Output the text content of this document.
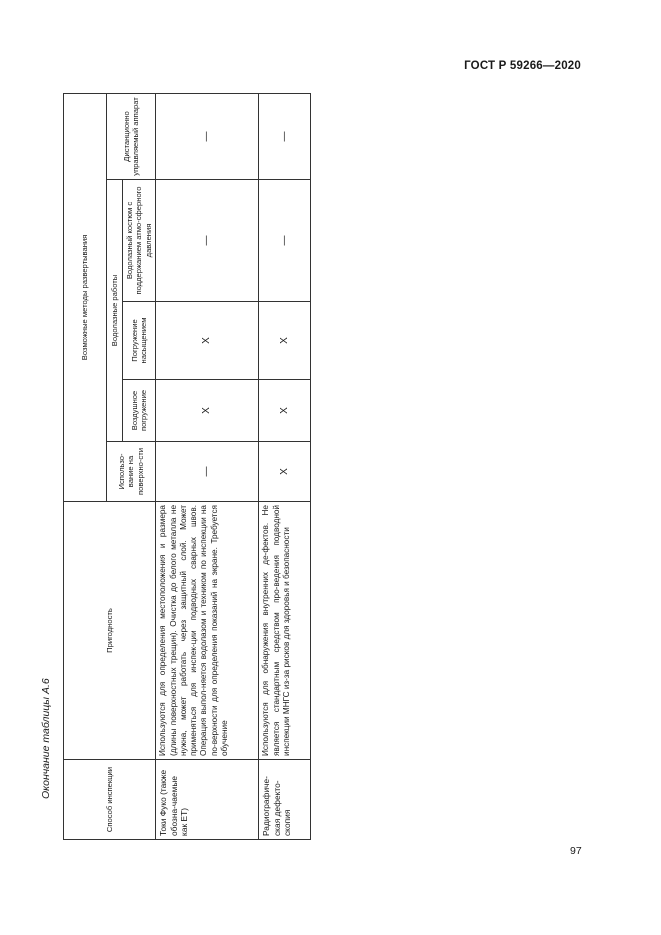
ГОСТ Р 59266—2020
Окончание таблицы А.6
Способ инспекции	Пригодность	Возможные методы развертывания				
		Использо-вание на поверхно-сти	Водолазные работы			Дистанционно управляемый аппарат
			Воздушное погружение	Погружение насыщением	Водолазный костюм с поддержанием атмо-сферного давления	
Токи Фуко (также обозна-чаемые как ET)	Используются для определения местоположения и размера (длины поверхностных трещин). Очистка до белого металла не нужна, может работать через защитный слой. Может применяться для инспек-ции подводных сварных швов. Операция выпол-няется водолазом и техником по инспекции на по-верхности для определения показаний на экране. Требуется обучение	—	X	X	—	—
Радиографиче-ская дефекто-скопия	Используются для обнаружения внутренних де-фектов. Не является стандартным средством про-ведения подводной инспекции МНГС из-за рисков для здоровья и безопасности	X	X	X	—	—
97
